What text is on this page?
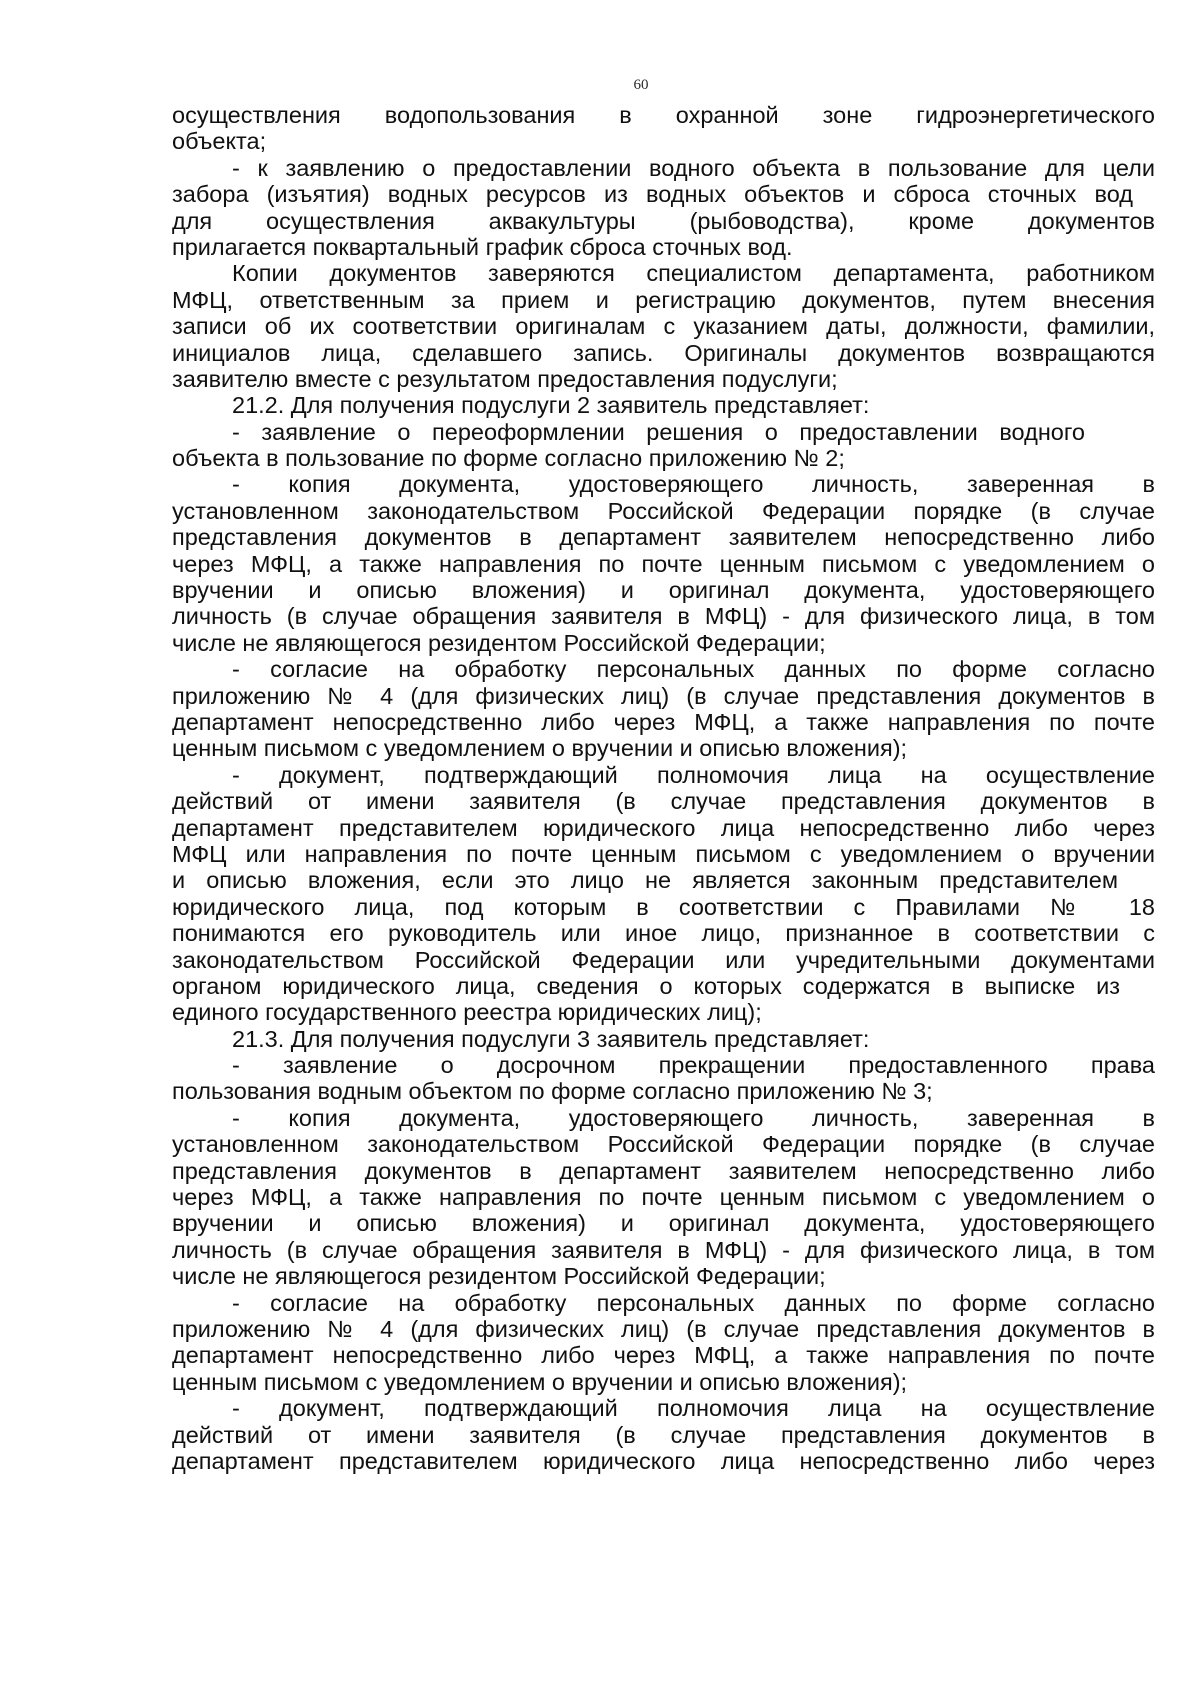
60
осуществления водопользования в охранной зоне гидроэнергетического
объекта;
- к заявлению о предоставлении водного объекта в пользование для цели
забора (изъятия) водных ресурсов из водных объектов и сброса сточных вод
для осуществления аквакультуры (рыбоводства), кроме документов
прилагается поквартальный график сброса сточных вод.
Копии документов заверяются специалистом департамента, работником
МФЦ, ответственным за прием и регистрацию документов, путем внесения
записи об их соответствии оригиналам с указанием даты, должности, фамилии,
инициалов лица, сделавшего запись. Оригиналы документов возвращаются
заявителю вместе с результатом предоставления подуслуги;
21.2. Для получения подуслуги 2 заявитель представляет:
- заявление о переоформлении решения о предоставлении водного
объекта в пользование по форме согласно приложению № 2;
- копия документа, удостоверяющего личность, заверенная в
установленном законодательством Российской Федерации порядке (в случае
представления документов в департамент заявителем непосредственно либо
через МФЦ, а также направления по почте ценным письмом с уведомлением о
вручении и описью вложения) и оригинал документа, удостоверяющего
личность (в случае обращения заявителя в МФЦ) - для физического лица, в том
числе не являющегося резидентом Российской Федерации;
- согласие на обработку персональных данных по форме согласно
приложению № 4 (для физических лиц) (в случае представления документов в
департамент непосредственно либо через МФЦ, а также направления по почте
ценным письмом с уведомлением о вручении и описью вложения);
- документ, подтверждающий полномочия лица на осуществление
действий от имени заявителя (в случае представления документов в
департамент представителем юридического лица непосредственно либо через
МФЦ или направления по почте ценным письмом с уведомлением о вручении
и описью вложения, если это лицо не является законным представителем
юридического лица, под которым в соответствии с Правилами № 18
понимаются его руководитель или иное лицо, признанное в соответствии с
законодательством Российской Федерации или учредительными документами
органом юридического лица, сведения о которых содержатся в выписке из
единого государственного реестра юридических лиц);
21.3. Для получения подуслуги 3 заявитель представляет:
- заявление о досрочном прекращении предоставленного права
пользования водным объектом по форме согласно приложению № 3;
- копия документа, удостоверяющего личность, заверенная в
установленном законодательством Российской Федерации порядке (в случае
представления документов в департамент заявителем непосредственно либо
через МФЦ, а также направления по почте ценным письмом с уведомлением о
вручении и описью вложения) и оригинал документа, удостоверяющего
личность (в случае обращения заявителя в МФЦ) - для физического лица, в том
числе не являющегося резидентом Российской Федерации;
- согласие на обработку персональных данных по форме согласно
приложению № 4 (для физических лиц) (в случае представления документов в
департамент непосредственно либо через МФЦ, а также направления по почте
ценным письмом с уведомлением о вручении и описью вложения);
- документ, подтверждающий полномочия лица на осуществление
действий от имени заявителя (в случае представления документов в
департамент представителем юридического лица непосредственно либо через
